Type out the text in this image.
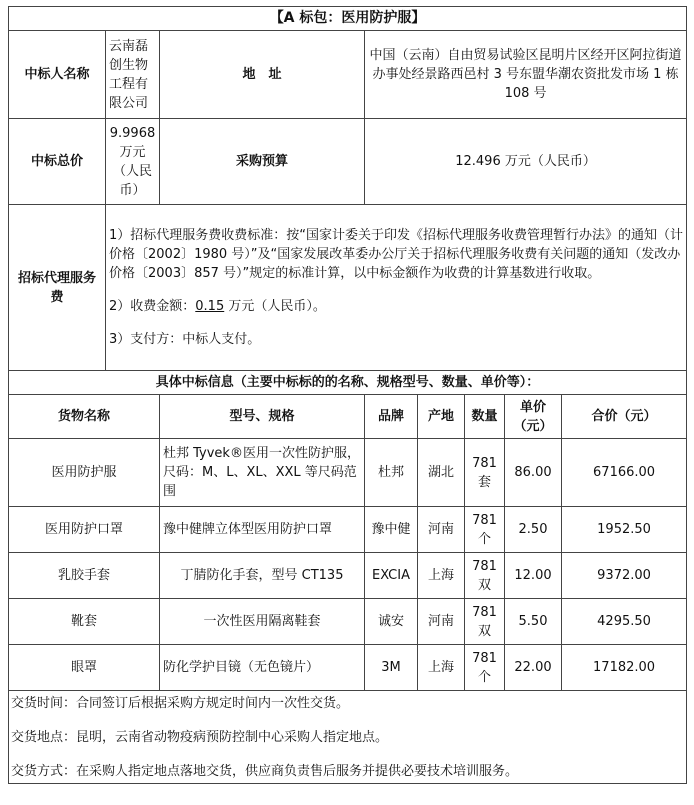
【A 标包：医用防护服】							
中标人名称	云南磊创生物工程有限公司	地　址	中国（云南）自由贸易试验区昆明片区经开区阿拉街道办事处经景路西邑村 3 号东盟华潮农资批发市场 1 栋 108 号				
中标总价	9.9968 万元（人民币）	采购预算	12.496 万元（人民币）				
招标代理服务费	1）招标代理服务费收费标准：按“国家计委关于印发《招标代理服务收费管理暂行办法》的通知（计价格〔2002〕1980 号）”及“国家发展改革委办公厅关于招标代理服务收费有关问题的通知（发改办价格〔2003〕857 号）”规定的标准计算，以中标金额作为收费的计算基数进行收取。

2）收费金额：0.15 万元（人民币）。

3）支付方：中标人支付。						

具体中标信息（主要中标标的的名称、规格型号、数量、单价等）：							
货物名称		型号、规格	品牌	产地	数量	单价（元）	合价（元）
医用防护服		杜邦 Tyvek®医用一次性防护服，尺码：M、L、XL、XXL 等尺码范围	杜邦	湖北	781 套	86.00	67166.00
医用防护口罩		豫中健牌立体型医用防护口罩	豫中健	河南	781 个	2.50	1952.50
乳胶手套		丁腈防化手套，型号 CT135	EXCIA	上海	781 双	12.00	9372.00
靴套		一次性医用隔离鞋套	诚安	河南	781 双	5.50	4295.50
眼罩		防化学护目镜（无色镜片）	3M	上海	781 个	22.00	17182.00

交货时间：合同签订后根据采购方规定时间内一次性交货。
交货地点：昆明，云南省动物疫病预防控制中心采购人指定地点。
交货方式：在采购人指定地点落地交货，供应商负责售后服务并提供必要技术培训服务。							
